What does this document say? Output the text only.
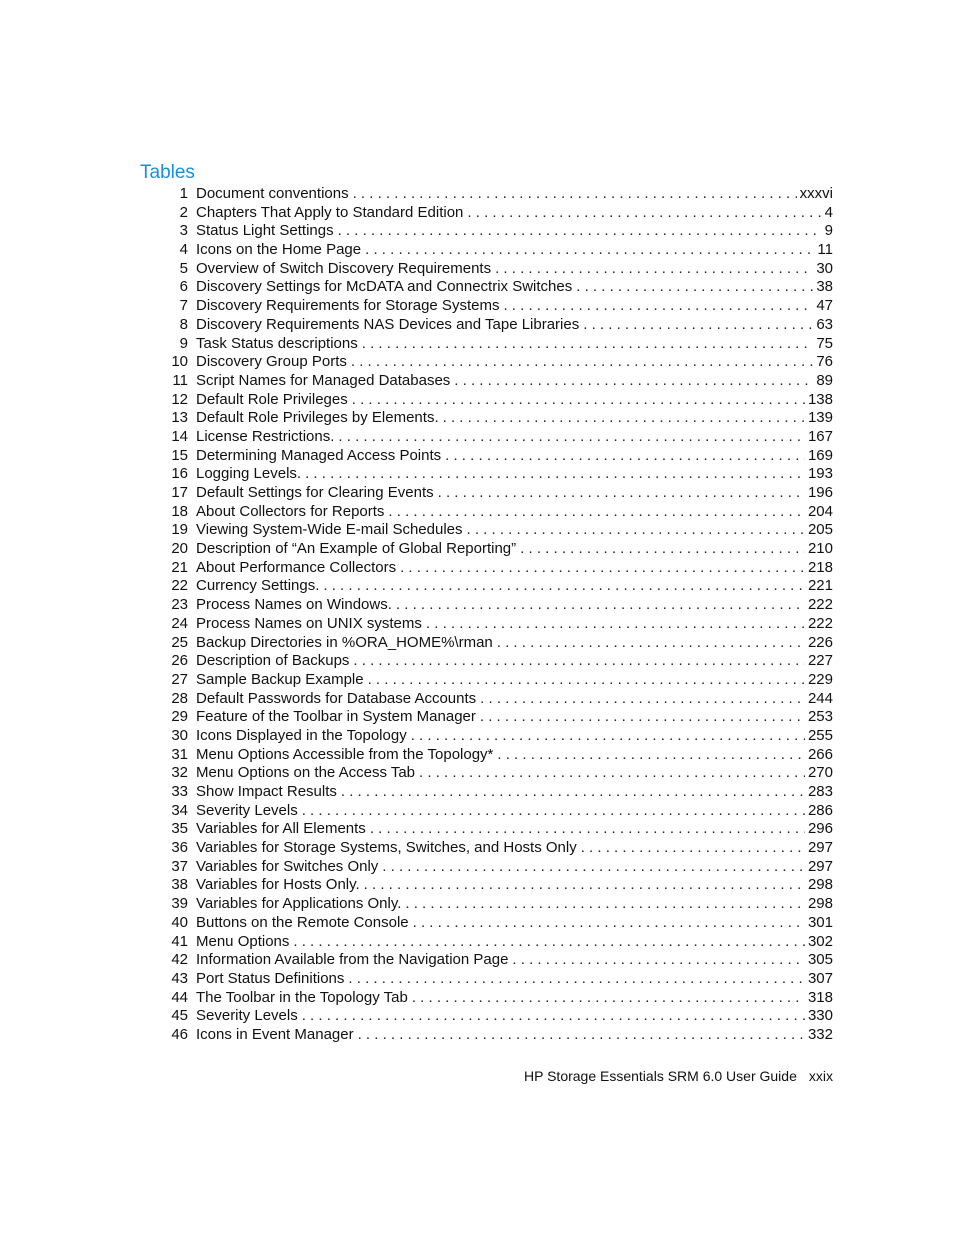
Tables
1 Document conventions . . .	xxxvi
2 Chapters That Apply to Standard Edition . . .	4
3 Status Light Settings . . .	9
4 Icons on the Home Page . . .	11
5 Overview of Switch Discovery Requirements . . .	30
6 Discovery Settings for McDATA and Connectrix Switches . . .	38
7 Discovery Requirements for Storage Systems . . .	47
8 Discovery Requirements NAS Devices and Tape Libraries . . .	63
9 Task Status descriptions . . .	75
10 Discovery Group Ports . . .	76
11 Script Names for Managed Databases . . .	89
12 Default Role Privileges . . .	138
13 Default Role Privileges by Elements. . . .	139
14 License Restrictions. . . .	167
15 Determining Managed Access Points . . .	169
16 Logging Levels. . . .	193
17 Default Settings for Clearing Events . . .	196
18 About Collectors for Reports . . .	204
19 Viewing System-Wide E-mail Schedules . . .	205
20 Description of “An Example of Global Reporting” . . .	210
21 About Performance Collectors . . .	218
22 Currency Settings. . . .	221
23 Process Names on Windows. . . .	222
24 Process Names on UNIX systems . . .	222
25 Backup Directories in %ORA_HOME%\rman . . .	226
26 Description of Backups . . .	227
27 Sample Backup Example . . .	229
28 Default Passwords for Database Accounts . . .	244
29 Feature of the Toolbar in System Manager . . .	253
30 Icons Displayed in the Topology . . .	255
31 Menu Options Accessible from the Topology* . . .	266
32 Menu Options on the Access Tab . . .	270
33 Show Impact Results . . .	283
34 Severity Levels . . .	286
35 Variables for All Elements . . .	296
36 Variables for Storage Systems, Switches, and Hosts Only . . .	297
37 Variables for Switches Only . . .	297
38 Variables for Hosts Only. . . .	298
39 Variables for Applications Only. . . .	298
40 Buttons on the Remote Console . . .	301
41 Menu Options . . .	302
42 Information Available from the Navigation Page . . .	305
43 Port Status Definitions . . .	307
44 The Toolbar in the Topology Tab . . .	318
45 Severity Levels . . .	330
46 Icons in Event Manager . . .	332
HP Storage Essentials SRM 6.0 User Guide xxix
